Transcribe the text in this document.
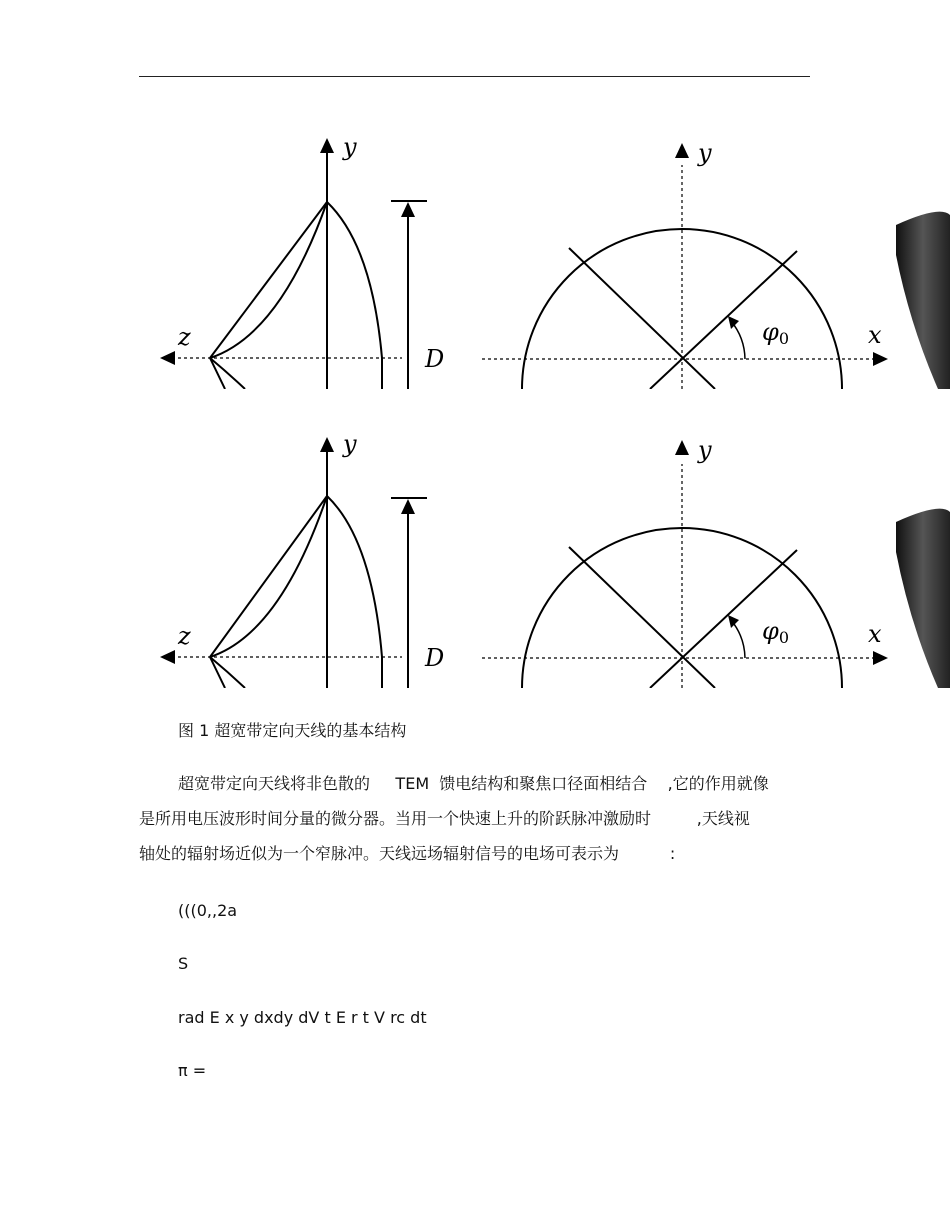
y
z
D
y
x
φ0
y
z
D
y
x
φ0
图 1 超宽带定向天线的基本结构
超宽带定向天线将非色散的     TEM  馈电结构和聚焦口径面相结合    ,它的作用就像
是所用电压波形时间分量的微分器。当用一个快速上升的阶跃脉冲激励时         ,天线视
轴处的辐射场近似为一个窄脉冲。天线远场辐射信号的电场可表示为          :
(((0,,2a
S
rad E x y dxdy dV t E r t V rc dt
π =
